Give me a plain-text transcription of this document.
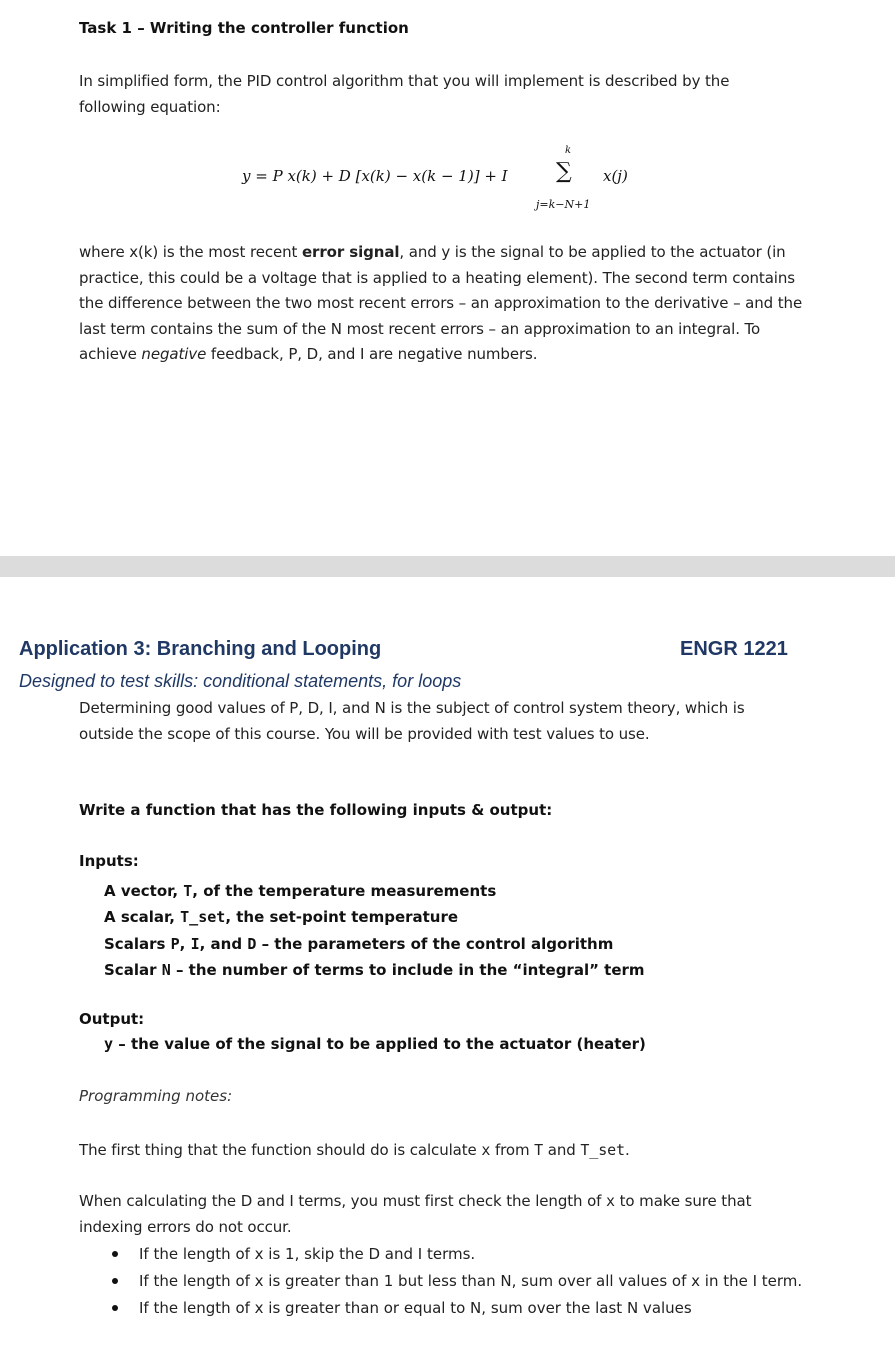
Task 1 – Writing the controller function
In simplified form, the PID control algorithm that you will implement is described by the following equation:
y = P x(k) + D [x(k) − x(k − 1)] + I
k
∑
j=k−N+1
x(j)
where x(k) is the most recent error signal, and y is the signal to be applied to the actuator (in practice, this could be a voltage that is applied to a heating element). The second term contains the difference between the two most recent errors – an approximation to the derivative – and the last term contains the sum of the N most recent errors – an approximation to an integral. To achieve negative feedback, P, D, and I are negative numbers.
Application 3: Branching and Looping	ENGR 1221
Designed to test skills: conditional statements, for loops
Determining good values of P, D, I, and N is the subject of control system theory, which is outside the scope of this course. You will be provided with test values to use.
Write a function that has the following inputs & output:
Inputs:
A vector, T, of the temperature measurements
A scalar, T_set, the set-point temperature
Scalars P, I, and D – the parameters of the control algorithm
Scalar N – the number of terms to include in the “integral” term
Output:
y – the value of the signal to be applied to the actuator (heater)
Programming notes:
The first thing that the function should do is calculate x from T and T_set.
When calculating the D and I terms, you must first check the length of x to make sure that indexing errors do not occur.
If the length of x is 1, skip the D and I terms.
If the length of x is greater than 1 but less than N, sum over all values of x in the I term.
If the length of x is greater than or equal to N, sum over the last N values
